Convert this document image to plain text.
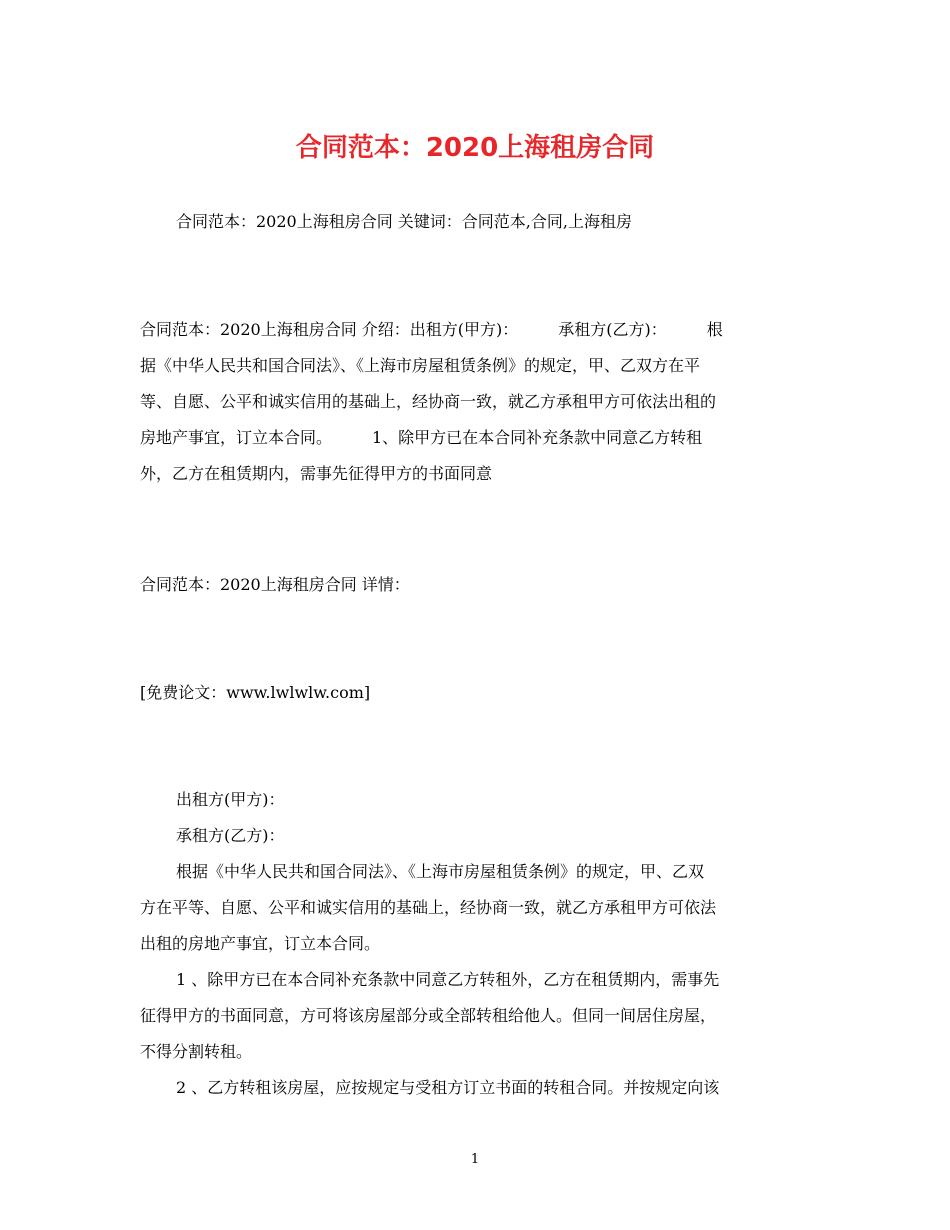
合同范本：2020上海租房合同
合同范本：2020上海租房合同 关键词：合同范本,合同,上海租房
合同范本：2020上海租房合同 介绍：出租方(甲方)：　　　承租方(乙方)：　　　根
据《中华人民共和国合同法》、《上海市房屋租赁条例》的规定，甲、乙双方在平
等、自愿、公平和诚实信用的基础上，经协商一致，就乙方承租甲方可依法出租的
房地产事宜，订立本合同。　　　1、除甲方已在本合同补充条款中同意乙方转租
外，乙方在租赁期内，需事先征得甲方的书面同意
合同范本：2020上海租房合同 详情：
[免费论文：www.lwlwlw.com]
出租方(甲方)：
承租方(乙方)：
根据《中华人民共和国合同法》、《上海市房屋租赁条例》的规定，甲、乙双
方在平等、自愿、公平和诚实信用的基础上，经协商一致，就乙方承租甲方可依法
出租的房地产事宜，订立本合同。
1 、除甲方已在本合同补充条款中同意乙方转租外，乙方在租赁期内，需事先
征得甲方的书面同意，方可将该房屋部分或全部转租给他人。但同一间居住房屋，
不得分割转租。
2 、乙方转租该房屋，应按规定与受租方订立书面的转租合同。并按规定向该
1
